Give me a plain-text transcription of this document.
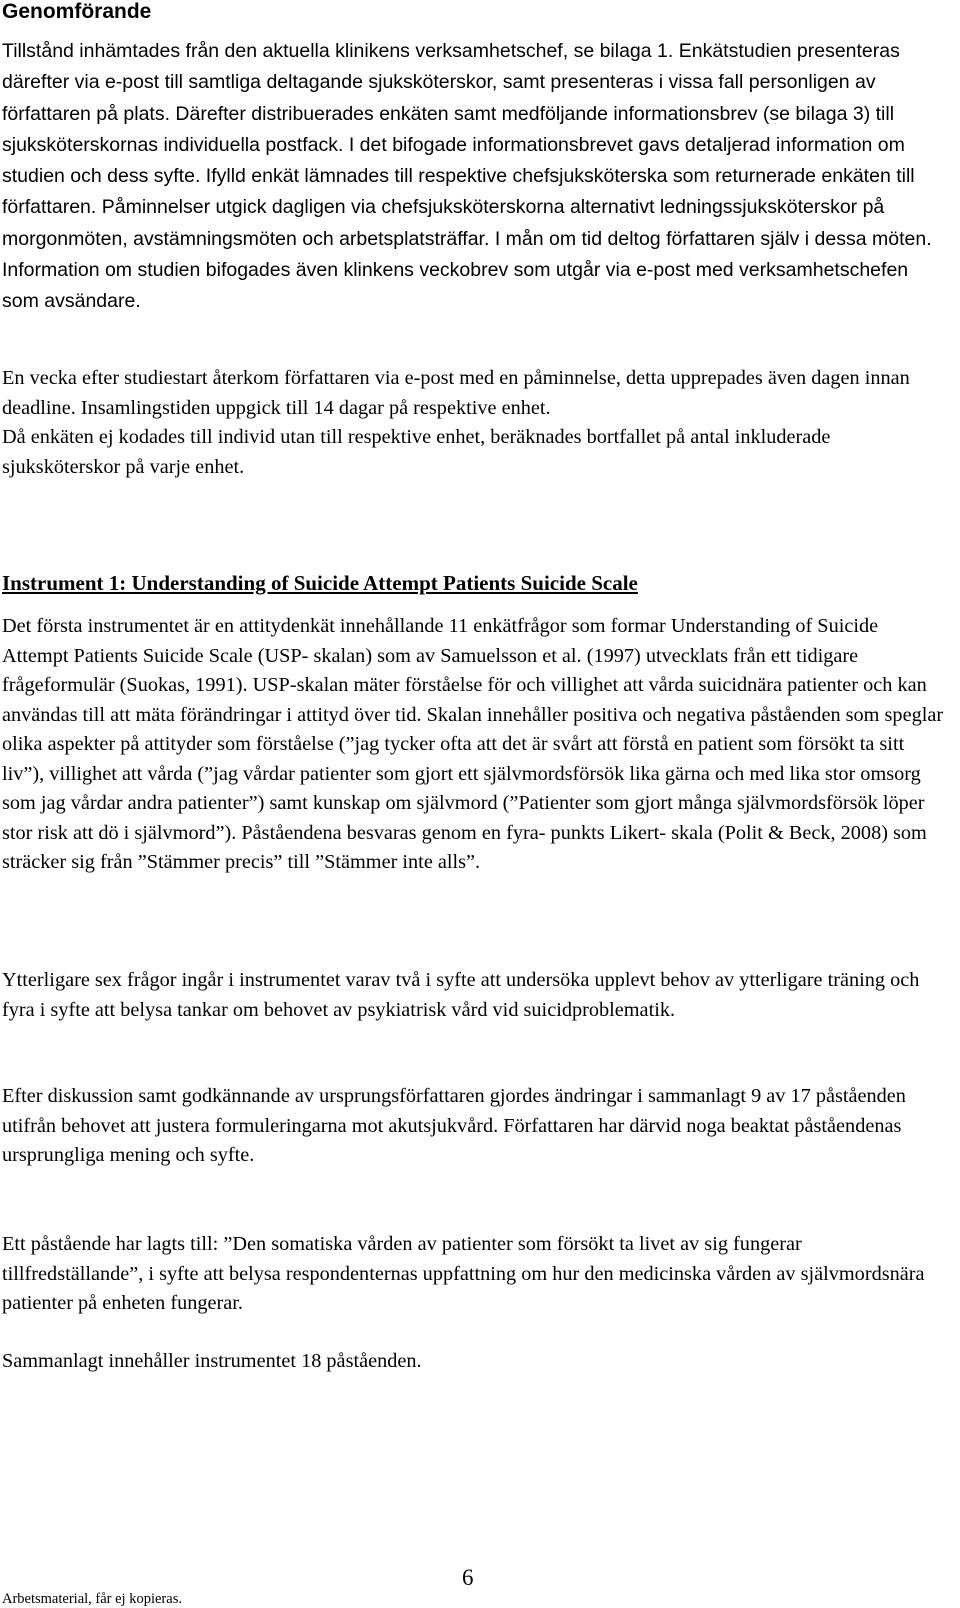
Genomförande

Tillstånd inhämtades från den aktuella klinikens verksamhetschef, se bilaga 1. Enkätstudien presenteras därefter via e-post till samtliga deltagande sjuksköterskor, samt presenteras i vissa fall personligen av författaren på plats. Därefter distribuerades enkäten samt medföljande informationsbrev (se bilaga 3) till sjuksköterskornas individuella postfack. I det bifogade informationsbrevet gavs detaljerad information om studien och dess syfte. Ifylld enkät lämnades till respektive chefsjuksköterska som returnerade enkäten till författaren. Påminnelser utgick dagligen via chefsjuksköterskorna alternativt ledningssjuksköterskor på morgonmöten, avstämningsmöten och arbetsplatsträffar. I mån om tid deltog författaren själv i dessa möten. Information om studien bifogades även klinkens veckobrev som utgår via e-post med verksamhetschefen som avsändare.

En vecka efter studiestart återkom författaren via e-post med en påminnelse, detta upprepades även dagen innan deadline. Insamlingstiden uppgick till 14 dagar på respektive enhet.
Då enkäten ej kodades till individ utan till respektive enhet, beräknades bortfallet på antal inkluderade sjuksköterskor på varje enhet.
Instrument 1: Understanding of Suicide Attempt Patients Suicide Scale

Det första instrumentet är en attitydenkät innehållande 11 enkätfrågor som formar Understanding of Suicide Attempt Patients Suicide Scale (USP- skalan) som av Samuelsson et al. (1997) utvecklats från ett tidigare frågeformulär (Suokas, 1991). USP-skalan mäter förståelse för och villighet att vårda suicidnära patienter och kan användas till att mäta förändringar i attityd över tid. Skalan innehåller positiva och negativa påståenden som speglar olika aspekter på attityder som förståelse (”jag tycker ofta att det är svårt att förstå en patient som försökt ta sitt liv”), villighet att vårda (”jag vårdar patienter som gjort ett självmordsförsök lika gärna och med lika stor omsorg som jag vårdar andra patienter”) samt kunskap om självmord (”Patienter som gjort många självmordsförsök löper stor risk att dö i självmord”). Påståendena besvaras genom en fyra- punkts Likert- skala (Polit & Beck, 2008) som sträcker sig från ”Stämmer precis” till ”Stämmer inte alls”.

Ytterligare sex frågor ingår i instrumentet varav två i syfte att undersöka upplevt behov av ytterligare träning och fyra i syfte att belysa tankar om behovet av psykiatrisk vård vid suicidproblematik.

Efter diskussion samt godkännande av ursprungsförfattaren gjordes ändringar i sammanlagt 9 av 17 påståenden utifrån behovet att justera formuleringarna mot akutsjukvård. Författaren har därvid noga beaktat påståendenas ursprungliga mening och syfte.

Ett påstående har lagts till: ”Den somatiska vården av patienter som försökt ta livet av sig fungerar tillfredställande”, i syfte att belysa respondenternas uppfattning om hur den medicinska vården av självmordsnära patienter på enheten fungerar.

Sammanlagt innehåller instrumentet 18 påståenden.

6
Arbetsmaterial, får ej kopieras.
